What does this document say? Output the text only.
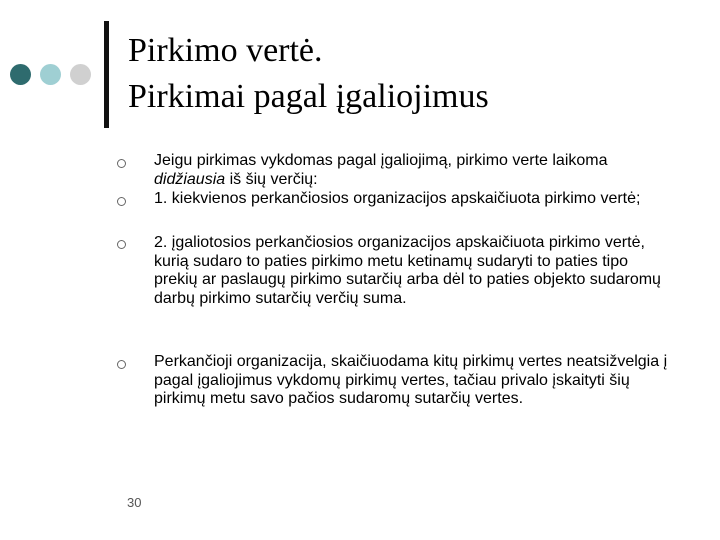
Pirkimo vertė.
Pirkimai pagal įgaliojimus
Jeigu pirkimas vykdomas pagal įgaliojimą, pirkimo verte laikoma didžiausia iš šių verčių:
1. kiekvienos perkančiosios organizacijos apskaičiuota pirkimo vertė;
2. įgaliotosios perkančiosios organizacijos apskaičiuota pirkimo vertė, kurią sudaro to paties pirkimo metu ketinamų sudaryti to paties tipo prekių ar paslaugų pirkimo sutarčių arba dėl to paties objekto sudaromų darbų pirkimo sutarčių verčių suma.
Perkančioji organizacija, skaičiuodama kitų pirkimų vertes neatsižvelgia į pagal įgaliojimus vykdomų pirkimų vertes, tačiau privalo įskaityti šių pirkimų metu savo pačios sudaromų sutarčių vertes.
30
